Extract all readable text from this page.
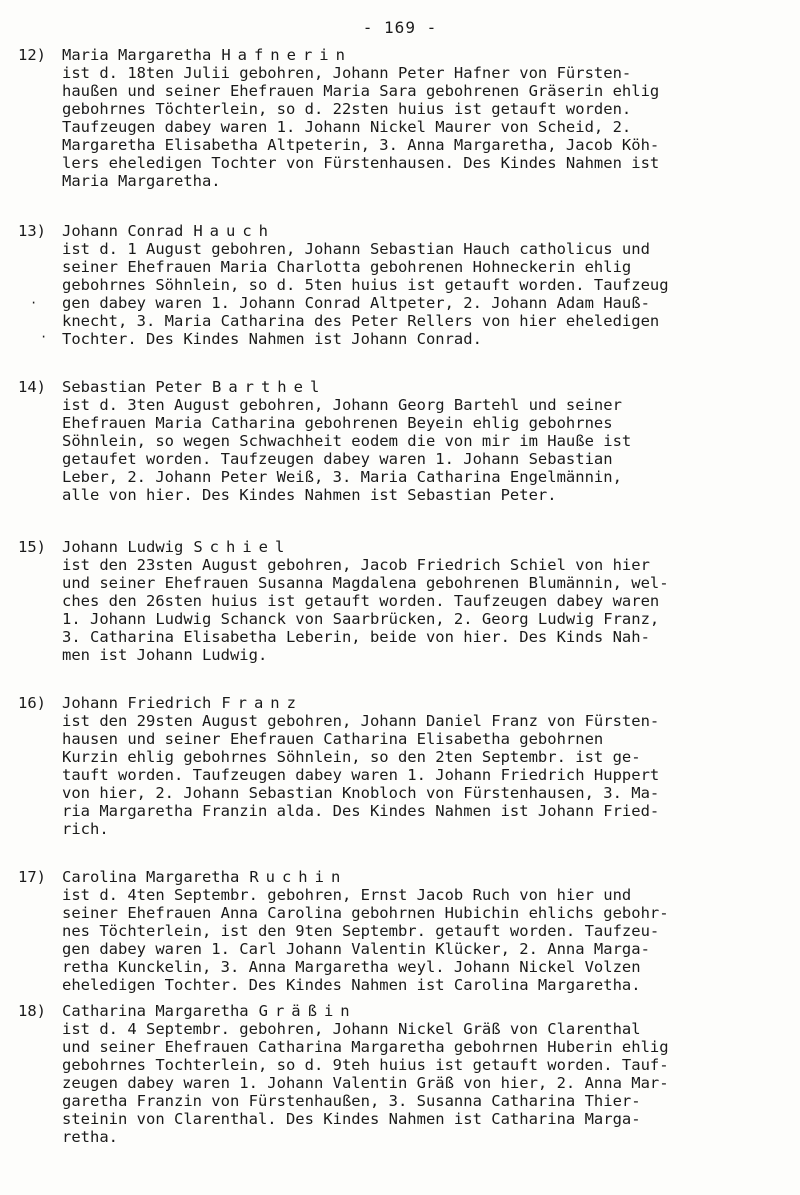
- 169 -
12)	Maria Margaretha Hafnerin
ist d. 18ten Julii gebohren, Johann Peter Hafner von Fürsten-
haußen und seiner Ehefrauen Maria Sara gebohrenen Gräserin ehlig
gebohrnes Töchterlein, so d. 22sten huius ist getauft worden.
Taufzeugen dabey waren 1. Johann Nickel Maurer von Scheid, 2.
Margaretha Elisabetha Altpeterin, 3. Anna Margaretha, Jacob Köh-
lers eheledigen Tochter von Fürstenhausen. Des Kindes Nahmen ist
Maria Margaretha.
13)	Johann Conrad Hauch
ist d. 1 August gebohren, Johann Sebastian Hauch catholicus und
seiner Ehefrauen Maria Charlotta gebohrenen Hohneckerin ehlig
gebohrnes Söhnlein, so d. 5ten huius ist getauft worden. Taufzeug
gen dabey waren 1. Johann Conrad Altpeter, 2. Johann Adam Hauß-
knecht, 3. Maria Catharina des Peter Rellers von hier eheledigen
Tochter. Des Kindes Nahmen ist Johann Conrad.
14)	Sebastian Peter Barthel
ist d. 3ten August gebohren, Johann Georg Bartehl und seiner
Ehefrauen Maria Catharina gebohrenen Beyein ehlig gebohrnes
Söhnlein, so wegen Schwachheit eodem die von mir im Hauße ist
getaufet worden. Taufzeugen dabey waren 1. Johann Sebastian
Leber, 2. Johann Peter Weiß, 3. Maria Catharina Engelmännin,
alle von hier. Des Kindes Nahmen ist Sebastian Peter.
15)	Johann Ludwig Schiel
ist den 23sten August gebohren, Jacob Friedrich Schiel von hier
und seiner Ehefrauen Susanna Magdalena gebohrenen Blumännin, wel-
ches den 26sten huius ist getauft worden. Taufzeugen dabey waren
1. Johann Ludwig Schanck von Saarbrücken, 2. Georg Ludwig Franz,
3. Catharina Elisabetha Leberin, beide von hier. Des Kinds Nah-
men ist Johann Ludwig.
16)	Johann Friedrich Franz
ist den 29sten August gebohren, Johann Daniel Franz von Fürsten-
hausen und seiner Ehefrauen Catharina Elisabetha gebohrnen
Kurzin ehlig gebohrnes Söhnlein, so den 2ten Septembr. ist ge-
tauft worden. Taufzeugen dabey waren 1. Johann Friedrich Huppert
von hier, 2. Johann Sebastian Knobloch von Fürstenhausen, 3. Ma-
ria Margaretha Franzin alda. Des Kindes Nahmen ist Johann Fried-
rich.
17)	Carolina Margaretha Ruchin
ist d. 4ten Septembr. gebohren, Ernst Jacob Ruch von hier und
seiner Ehefrauen Anna Carolina gebohrnen Hubichin ehlichs gebohr-
nes Töchterlein, ist den 9ten Septembr. getauft worden. Taufzeu-
gen dabey waren 1. Carl Johann Valentin Klücker, 2. Anna Marga-
retha Kunckelin, 3. Anna Margaretha weyl. Johann Nickel Volzen
eheledigen Tochter. Des Kindes Nahmen ist Carolina Margaretha.
18)	Catharina Margaretha Gräßin
ist d. 4 Septembr. gebohren, Johann Nickel Gräß von Clarenthal
und seiner Ehefrauen Catharina Margaretha gebohrnen Huberin ehlig
gebohrnes Tochterlein, so d. 9teh huius ist getauft worden. Tauf-
zeugen dabey waren 1. Johann Valentin Gräß von hier, 2. Anna Mar-
garetha Franzin von Fürstenhaußen, 3. Susanna Catharina Thier-
steinin von Clarenthal. Des Kindes Nahmen ist Catharina Marga-
retha.
·
·
